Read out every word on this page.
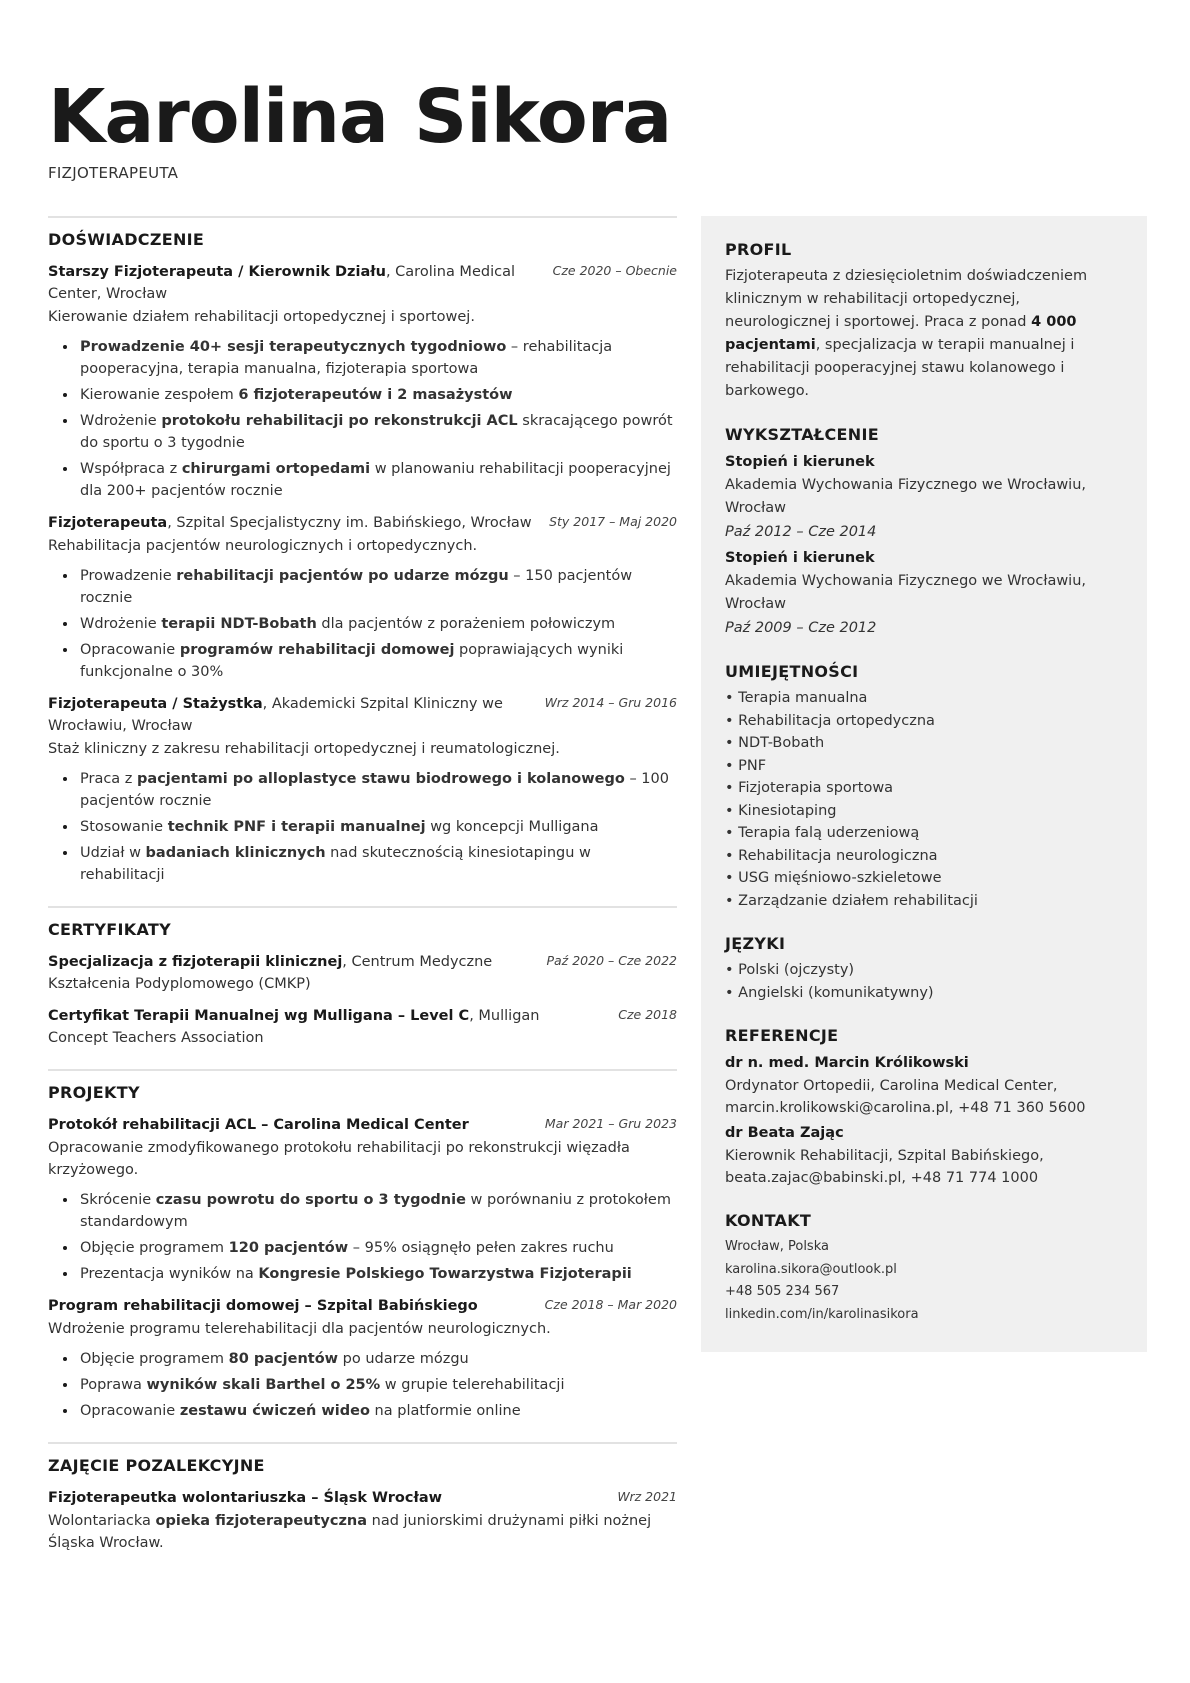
Karolina Sikora
FIZJOTERAPEUTA
DOŚWIADCZENIE
Starszy Fizjoterapeuta / Kierownik Działu, Carolina Medical Center, Wrocław
Cze 2020 – Obecnie
Kierowanie działem rehabilitacji ortopedycznej i sportowej.
• Prowadzenie 40+ sesji terapeutycznych tygodniowo – rehabilitacja pooperacyjna, terapia manualna, fizjoterapia sportowa
• Kierowanie zespołem 6 fizjoterapeutów i 2 masażystów
• Wdrożenie protokołu rehabilitacji po rekonstrukcji ACL skracającego powrót do sportu o 3 tygodnie
• Współpraca z chirurgami ortopedami w planowaniu rehabilitacji pooperacyjnej dla 200+ pacjentów rocznie
Fizjoterapeuta, Szpital Specjalistyczny im. Babińskiego, Wrocław	Sty 2017 – Maj 2020
Rehabilitacja pacjentów neurologicznych i ortopedycznych.
• Prowadzenie rehabilitacji pacjentów po udarze mózgu – 150 pacjentów rocznie
• Wdrożenie terapii NDT-Bobath dla pacjentów z porażeniem połowiczym
• Opracowanie programów rehabilitacji domowej poprawiających wyniki funkcjonalne o 30%
Fizjoterapeuta / Stażystka, Akademicki Szpital Kliniczny we Wrocławiu, Wrocław
Wrz 2014 – Gru 2016
Staż kliniczny z zakresu rehabilitacji ortopedycznej i reumatologicznej.
• Praca z pacjentami po alloplastyce stawu biodrowego i kolanowego – 100 pacjentów rocznie
• Stosowanie technik PNF i terapii manualnej wg koncepcji Mulligana
• Udział w badaniach klinicznych nad skutecznością kinesiotapingu w rehabilitacji
CERTYFIKATY
Specjalizacja z fizjoterapii klinicznej, Centrum Medyczne Kształcenia Podyplomowego (CMKP)
Paź 2020 – Cze 2022
Certyfikat Terapii Manualnej wg Mulligana – Level C, Mulligan Concept Teachers Association
Cze 2018
PROJEKTY
Protokół rehabilitacji ACL – Carolina Medical Center	Mar 2021 – Gru 2023
Opracowanie zmodyfikowanego protokołu rehabilitacji po rekonstrukcji więzadła krzyżowego.
• Skrócenie czasu powrotu do sportu o 3 tygodnie w porównaniu z protokołem standardowym
• Objęcie programem 120 pacjentów – 95% osiągnęło pełen zakres ruchu
• Prezentacja wyników na Kongresie Polskiego Towarzystwa Fizjoterapii
Program rehabilitacji domowej – Szpital Babińskiego	Cze 2018 – Mar 2020
Wdrożenie programu telerehabilitacji dla pacjentów neurologicznych.
• Objęcie programem 80 pacjentów po udarze mózgu
• Poprawa wyników skali Barthel o 25% w grupie telerehabilitacji
• Opracowanie zestawu ćwiczeń wideo na platformie online
ZAJĘCIE POZALEKCYJNE
Fizjoterapeutka wolontariuszka – Śląsk Wrocław	Wrz 2021
Wolontariacka opieka fizjoterapeutyczna nad juniorskimi drużynami piłki nożnej Śląska Wrocław.
PROFIL
Fizjoterapeuta z dziesięcioletnim doświadczeniem klinicznym w rehabilitacji ortopedycznej, neurologicznej i sportowej. Praca z ponad 4 000 pacjentami, specjalizacja w terapii manualnej i rehabilitacji pooperacyjnej stawu kolanowego i barkowego.
WYKSZTAŁCENIE
Stopień i kierunek
Akademia Wychowania Fizycznego we Wrocławiu, Wrocław
Paź 2012 – Cze 2014
Stopień i kierunek
Akademia Wychowania Fizycznego we Wrocławiu, Wrocław
Paź 2009 – Cze 2012
UMIEJĘTNOŚCI
• Terapia manualna
• Rehabilitacja ortopedyczna
• NDT-Bobath
• PNF
• Fizjoterapia sportowa
• Kinesiotaping
• Terapia falą uderzeniową
• Rehabilitacja neurologiczna
• USG mięśniowo-szkieletowe
• Zarządzanie działem rehabilitacji
JĘZYKI
• Polski (ojczysty)
• Angielski (komunikatywny)
REFERENCJE
dr n. med. Marcin Królikowski
Ordynator Ortopedii, Carolina Medical Center, marcin.krolikowski@carolina.pl, +48 71 360 5600
dr Beata Zając
Kierownik Rehabilitacji, Szpital Babińskiego, beata.zajac@babinski.pl, +48 71 774 1000
KONTAKT
Wrocław, Polska
karolina.sikora@outlook.pl
+48 505 234 567
linkedin.com/in/karolinasikora
